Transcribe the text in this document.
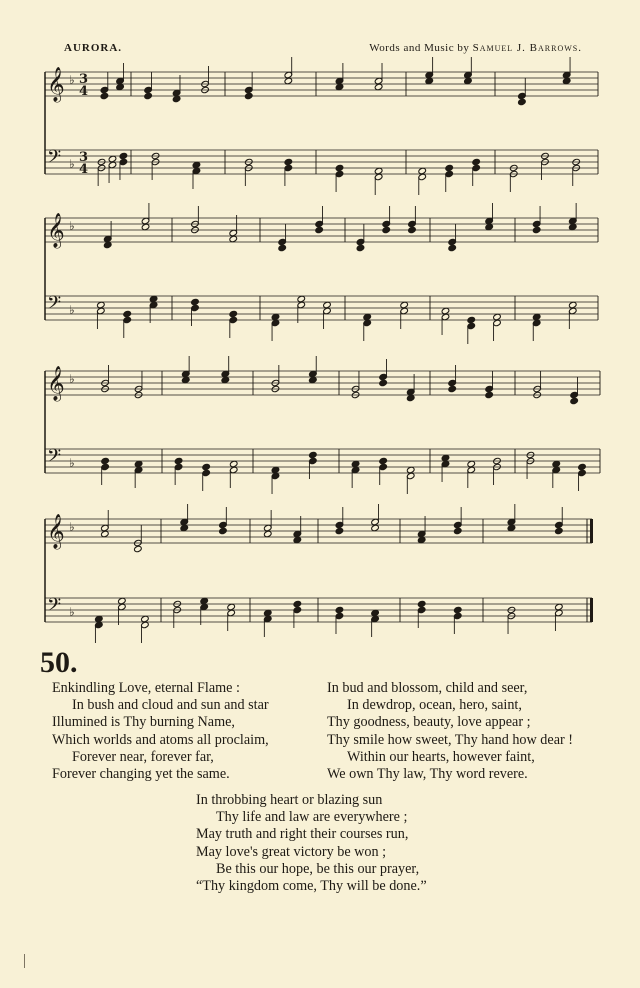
AURORA.	Words and Music by Samuel J. Barrows.
𝄞 ♭ 3
4
𝄢 ♭ 3
4
𝄞 ♭
𝄢 ♭
𝄞 ♭
𝄢 ♭
𝄞 ♭
𝄢 ♭
50.
Enkindling Love, eternal Flame :
In bush and cloud and sun and star
Illumined is Thy burning Name,
Which worlds and atoms all proclaim,
Forever near, forever far,
Forever changing yet the same.
In bud and blossom, child and seer,
In dewdrop, ocean, hero, saint,
Thy goodness, beauty, love appear ;
Thy smile how sweet, Thy hand how dear !
Within our hearts, however faint,
We own Thy law, Thy word revere.
In throbbing heart or blazing sun
Thy life and law are everywhere ;
May truth and right their courses run,
May love's great victory be won ;
Be this our hope, be this our prayer,
“Thy kingdom come, Thy will be done.”
